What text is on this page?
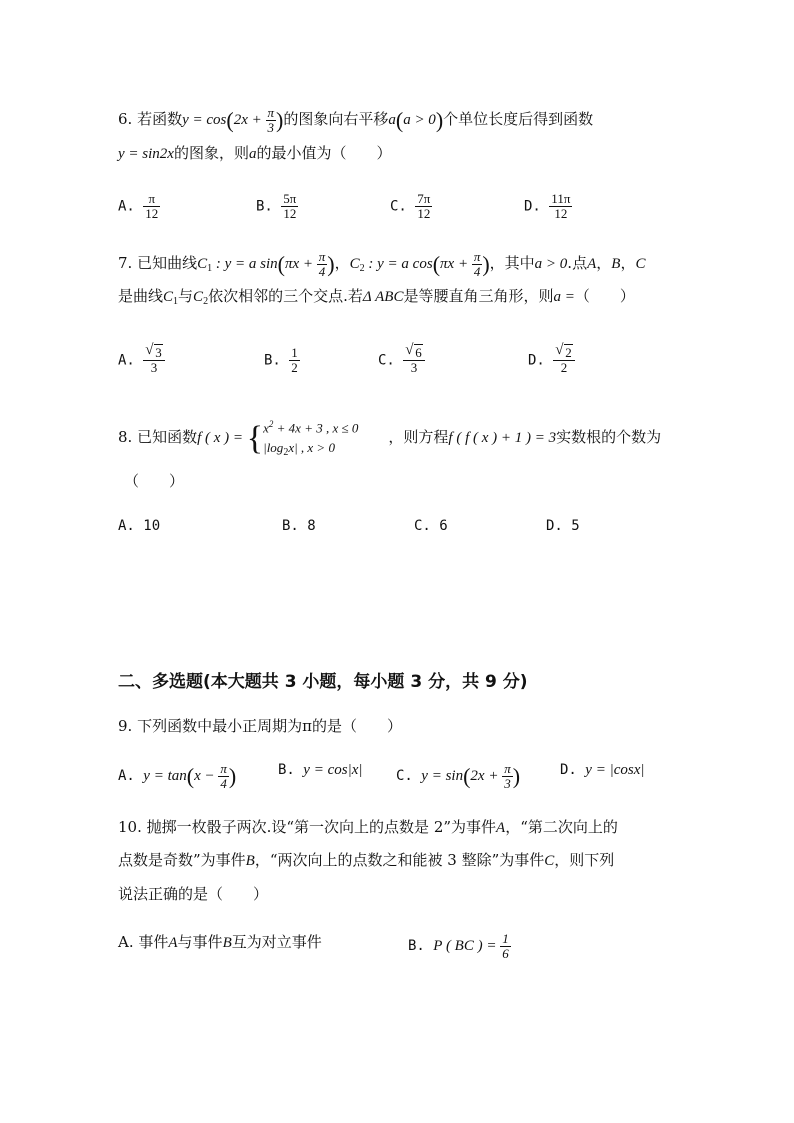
6. 若函数$y = \cos(2x + \frac{\pi}{3}$ )的图象向右平移a(a > 0)个单位长度后得到函数
y = sin2x的图象，则a的最小值为（　　）
A. $\frac{\pi}{12}$	B. $\frac{5\pi}{12}$	C. $\frac{7\pi}{12}$	D. $\frac{11\pi}{12}$
7. 已知曲线$C_1$ : y = a $\sin(\pi x + \frac{\pi}{4}$ )，$C_2$ : y = a $\cos(\pi x + \frac{\pi}{4}$ )，其中a > 0.点A，B，C
是曲线$C_1$与$C_2$依次相邻的三个交点.若Δ ABC是等腰直角三角形，则a =（　　）
A. $\frac{√ 3}{3}$	B. $\frac{1}{2}$	C. $\frac{√ 6}{3}$	D. $\frac{√ 2}{2}$
8. 已知函数f ( x ) = {$x^2 + 4x + 3$ , x ≤ 0
$|\log_2x|$ , x > 0　　，则方程f ( f ( x ) + 1 ) = 3实数根的个数为
（　　）
A. 10	B. 8	C. 6	D. 5
二、多选题(本大题共 3 小题，每小题 3 分，共 9 分)
9. 下列函数中最小正周期为π的是（　　）
A. $y = \tan(x - \frac{\pi}{4}$ )	B. y = cos|x| C. $y = \sin(2x + \frac{\pi}{3}$ )	D. y = |cosx|
10. 抛掷一枚骰子两次.设“第一次向上的点数是 2”为事件A，“第二次向上的
点数是奇数”为事件B，“两次向上的点数之和能被 3 整除”为事件C，则下列
说法正确的是（　　）
A. 事件A与事件B互为对立事件	B. P ( BC ) = $\frac{1}{6}$
